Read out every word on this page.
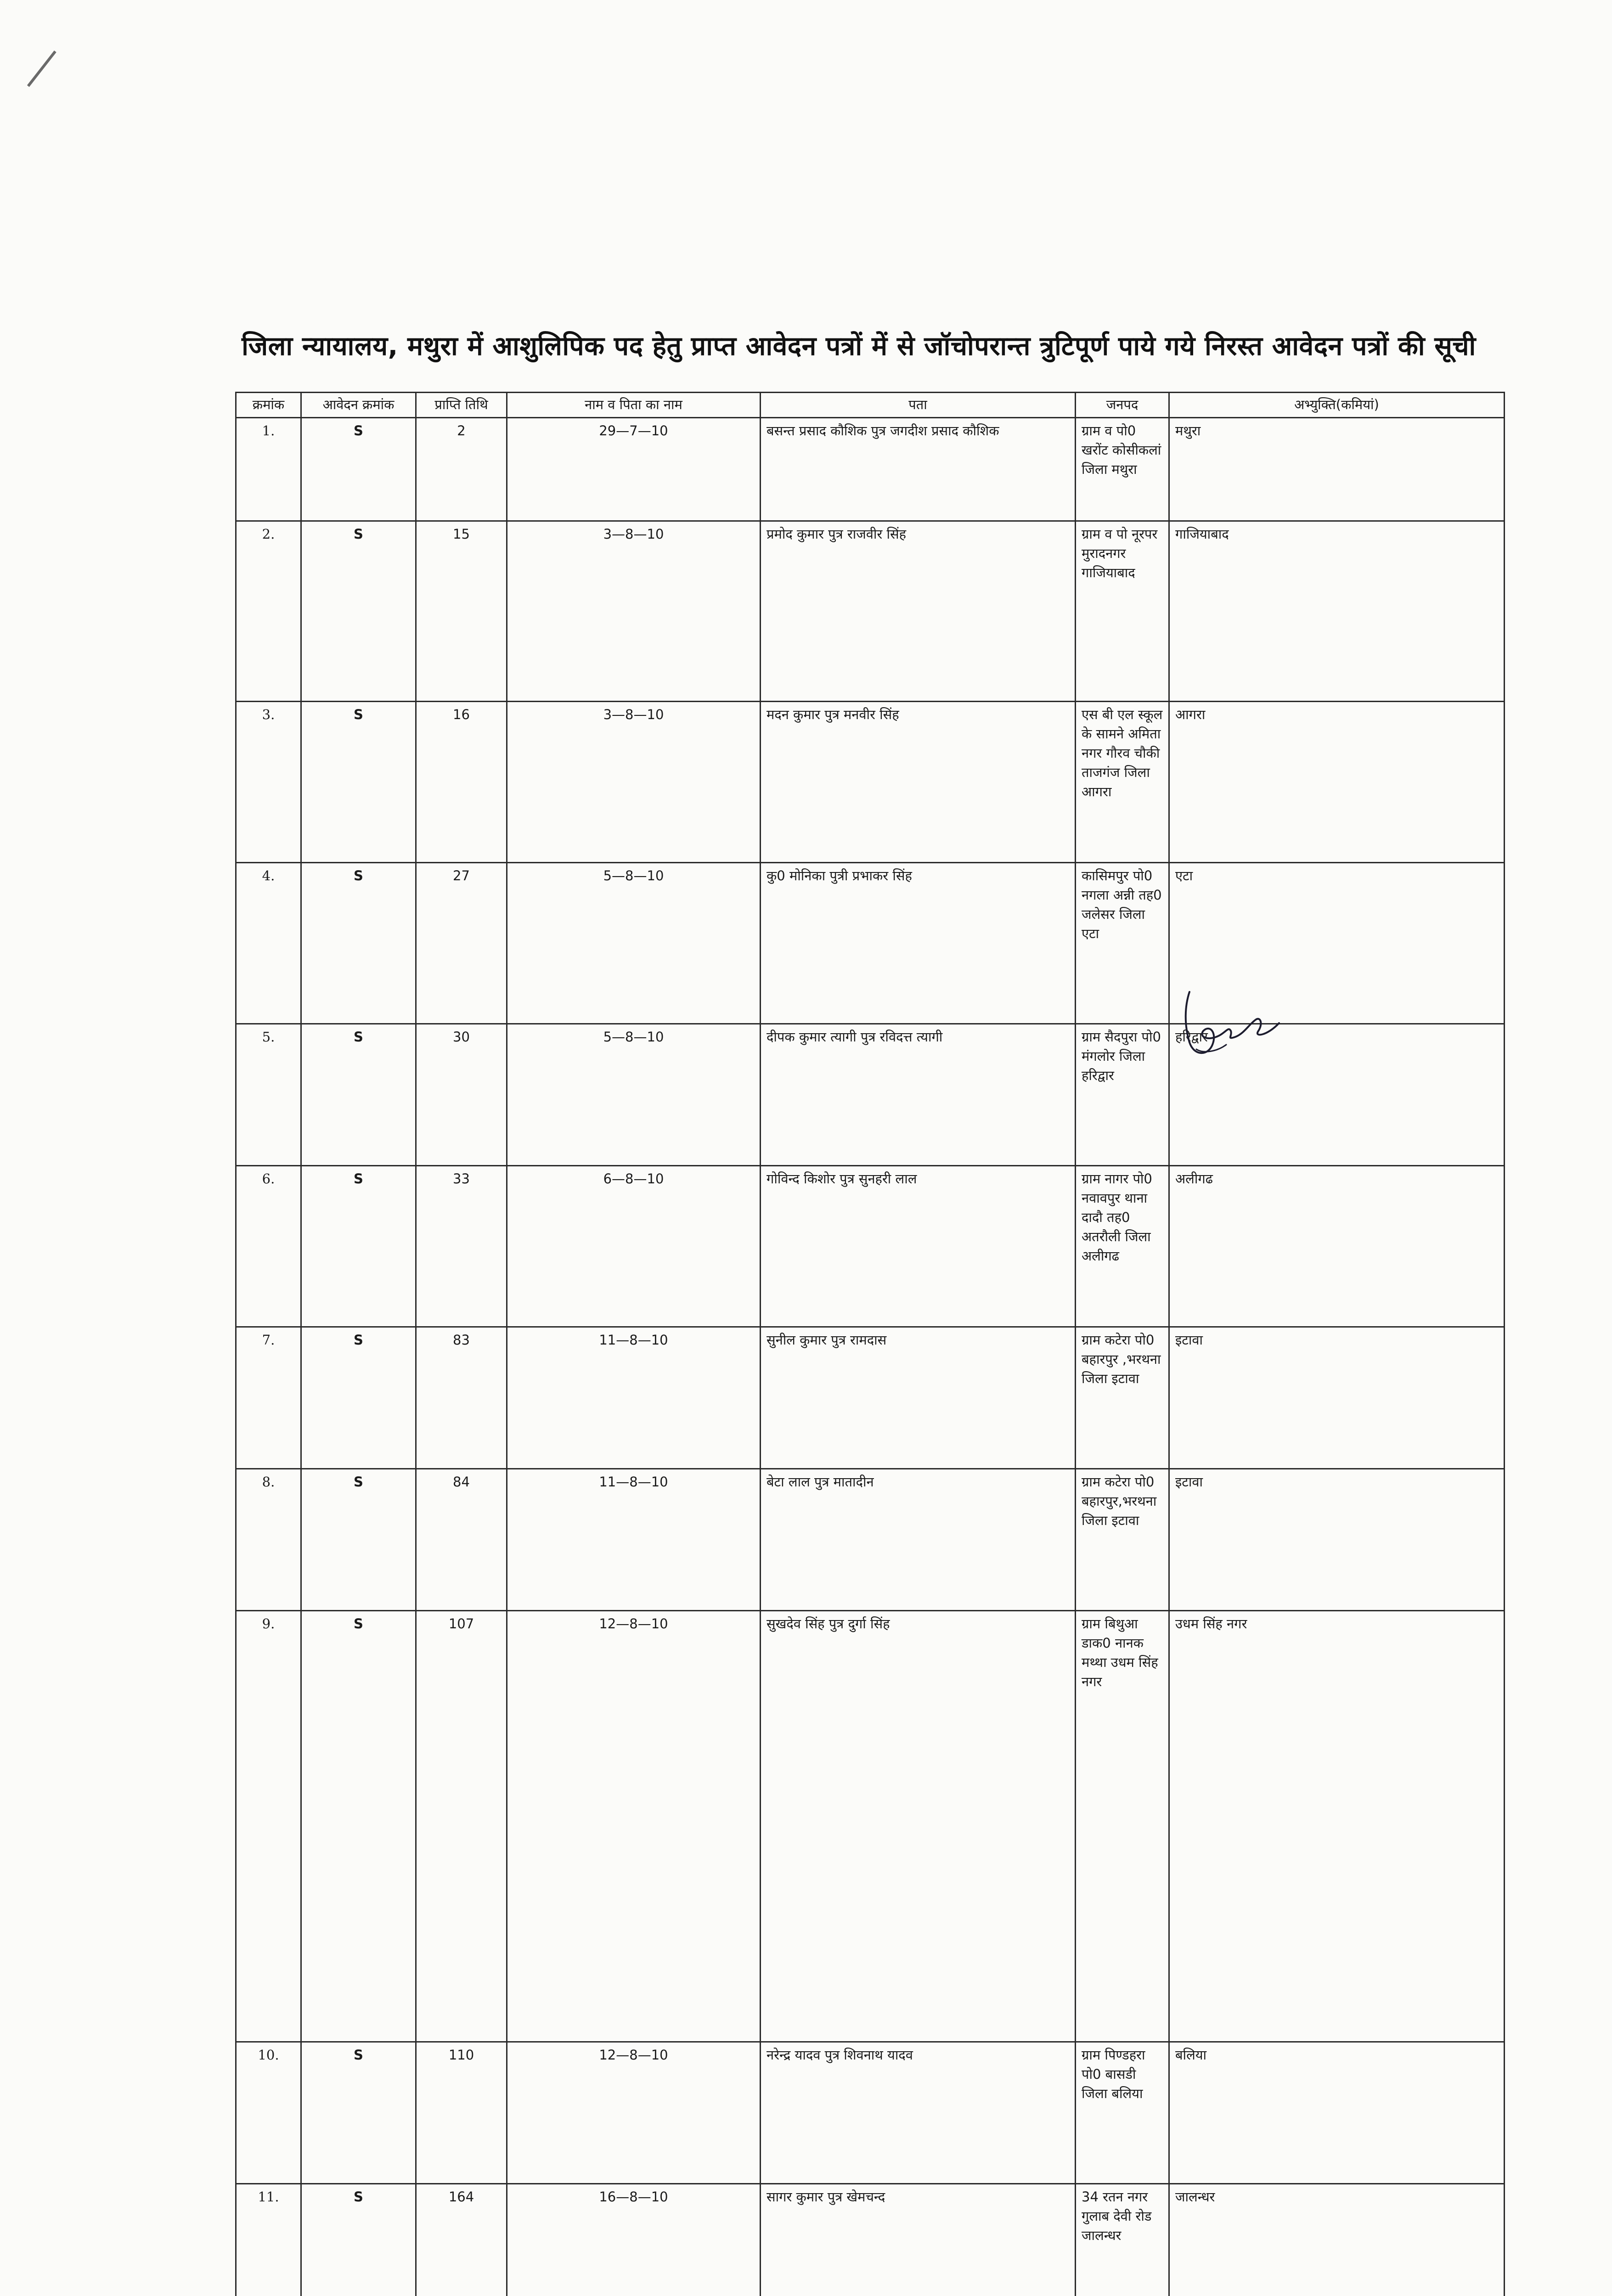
जिला न्यायालय, मथुरा में आशुलिपिक पद हेतु प्राप्त आवेदन पत्रों में से जॉचोपरान्त त्रुटिपूर्ण पाये गये निरस्त आवेदन पत्रों की सूची
क्रमांक	आवेदन क्रमांक	प्राप्ति तिथि	नाम व पिता का नाम	पता	जनपद	अभ्युक्ति(कमियां)	
1.	S	2	29—7—10	बसन्त प्रसाद कौशिक पुत्र जगदीश प्रसाद कौशिक	ग्राम व पो0 खरोंट कोसीकलां जिला मथुरा	मथुरा	
2.	S	15	3—8—10	प्रमोद कुमार पुत्र राजवीर सिंह	ग्राम व पो नूरपर मुरादनगर गाजियाबाद	गाजियाबाद	
3.	S	16	3—8—10	मदन कुमार पुत्र मनवीर सिंह	एस बी एल स्कूल के सामने अमिता नगर गौरव चौकी ताजगंज जिला आगरा	आगरा	
4.	S	27	5—8—10	कु0 मोनिका पुत्री प्रभाकर सिंह	कासिमपुर पो0 नगला अन्नी तह0 जलेसर जिला एटा	एटा	
5.	S	30	5—8—10	दीपक कुमार त्यागी पुत्र रविदत्त त्यागी	ग्राम सैदपुरा पो0 मंगलोर जिला हरिद्वार	हरिद्वार	
6.	S	33	6—8—10	गोविन्द किशोर पुत्र सुनहरी लाल	ग्राम नागर पो0 नवावपुर थाना दादौ तह0 अतरौली जिला अलीगढ	अलीगढ	
7.	S	83	11—8—10	सुनील कुमार पुत्र रामदास	ग्राम कटेरा पो0 बहारपुर ,भरथना जिला इटावा	इटावा	
8.	S	84	11—8—10	बेटा लाल पुत्र मातादीन	ग्राम कटेरा पो0 बहारपुर,भरथना जिला इटावा	इटावा	
9.	S	107	12—8—10	सुखदेव सिंह पुत्र दुर्गा सिंह	ग्राम बिथुआ डाक0 नानक मथ्था उधम सिंह नगर	उधम सिंह नगर	
10.	S	110	12—8—10	नरेन्द्र यादव पुत्र शिवनाथ यादव	ग्राम पिण्डहरा पो0 बासडी जिला बलिया	बलिया	
11.	S	164	16—8—10	सागर कुमार पुत्र खेमचन्द	34 रतन नगर गुलाब देवी रोड जालन्धर	जालन्धर	
